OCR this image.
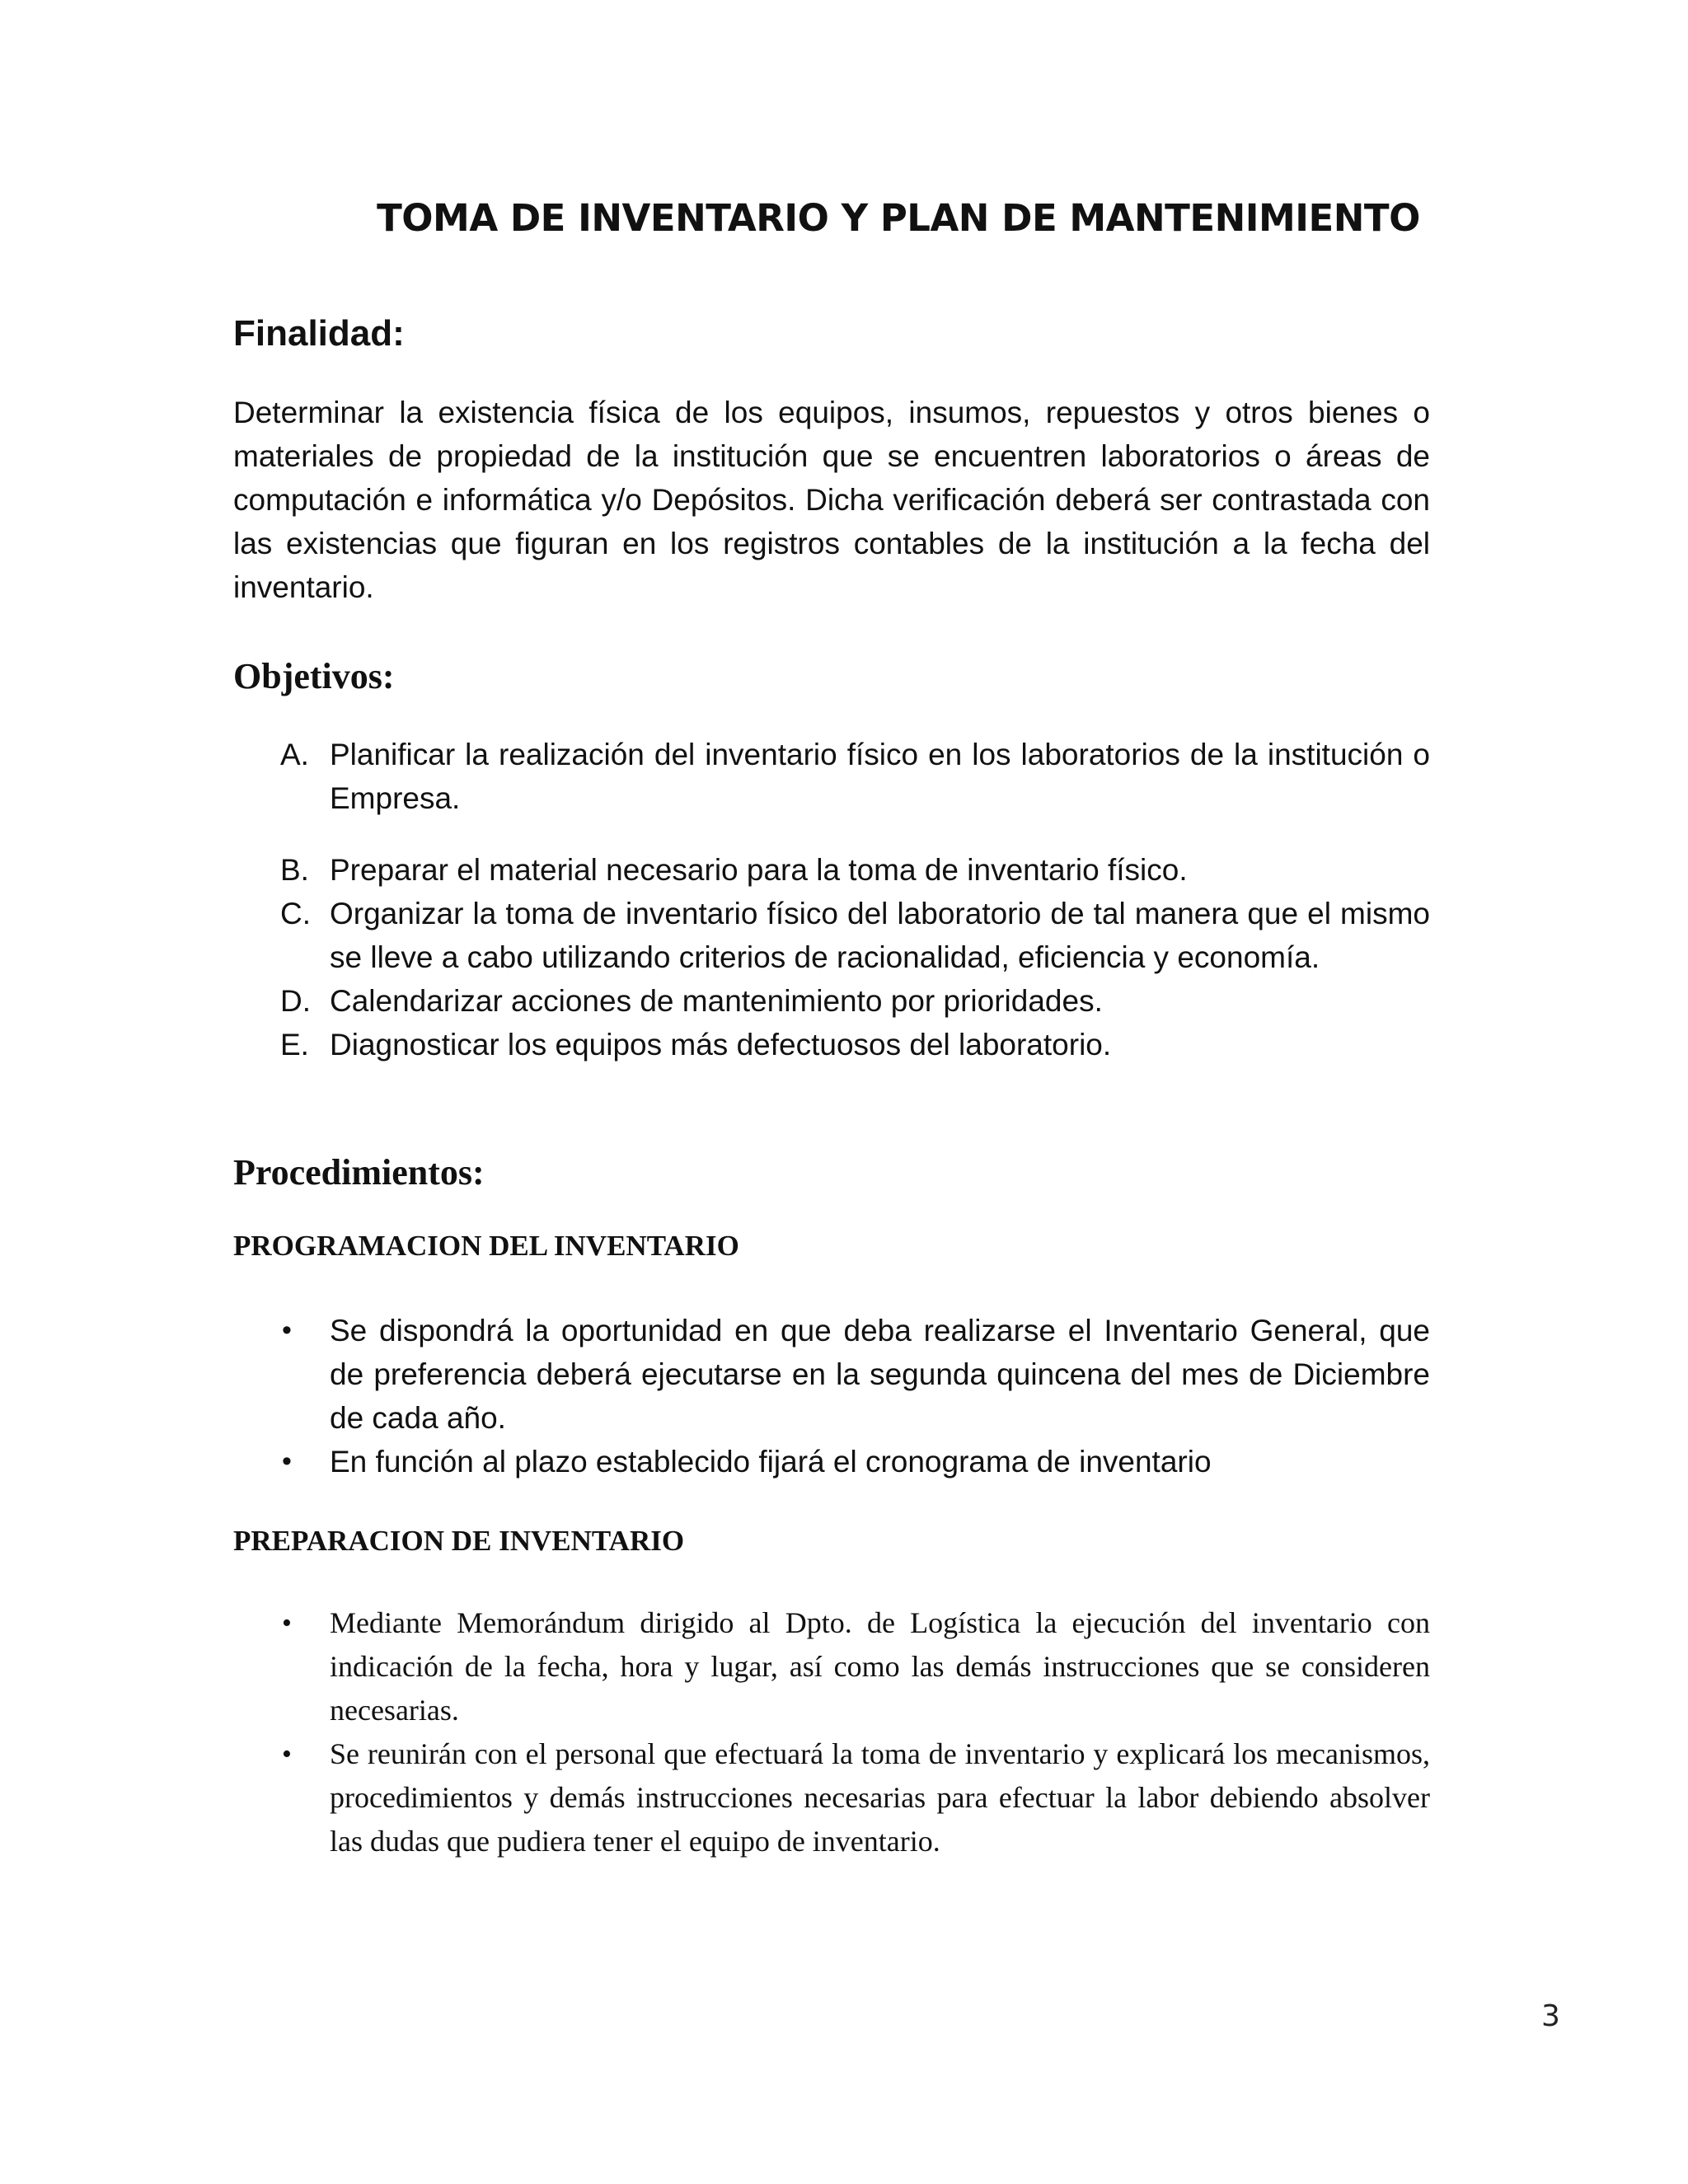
TOMA DE INVENTARIO Y PLAN DE MANTENIMIENTO
Finalidad:
Determinar la existencia física de los equipos, insumos, repuestos y otros bienes o materiales de propiedad de la institución que se encuentren laboratorios o áreas de computación e informática y/o Depósitos. Dicha verificación deberá ser contrastada con las existencias que figuran en los registros contables de la institución a la fecha del inventario.
Objetivos:
A. Planificar la realización del inventario físico en los laboratorios de la institución o Empresa.
B. Preparar el material necesario para la toma de inventario físico.
C. Organizar la toma de inventario físico del laboratorio de tal manera que el mismo se lleve a cabo utilizando criterios de racionalidad, eficiencia y economía.
D. Calendarizar acciones de mantenimiento por prioridades.
E. Diagnosticar los equipos más defectuosos del laboratorio.
Procedimientos:
PROGRAMACION DEL INVENTARIO
• Se dispondrá la oportunidad en que deba realizarse el Inventario General, que de preferencia deberá ejecutarse en la segunda quincena del mes de Diciembre de cada año.
• En función al plazo establecido fijará el cronograma de inventario
PREPARACION DE INVENTARIO
• Mediante Memorándum dirigido al Dpto. de Logística la ejecución del inventario con indicación de la fecha, hora y lugar, así como las demás instrucciones que se consideren necesarias.
• Se reunirán con el personal que efectuará la toma de inventario y explicará los mecanismos, procedimientos y demás instrucciones necesarias para efectuar la labor debiendo absolver las dudas que pudiera tener el equipo de inventario.
3
